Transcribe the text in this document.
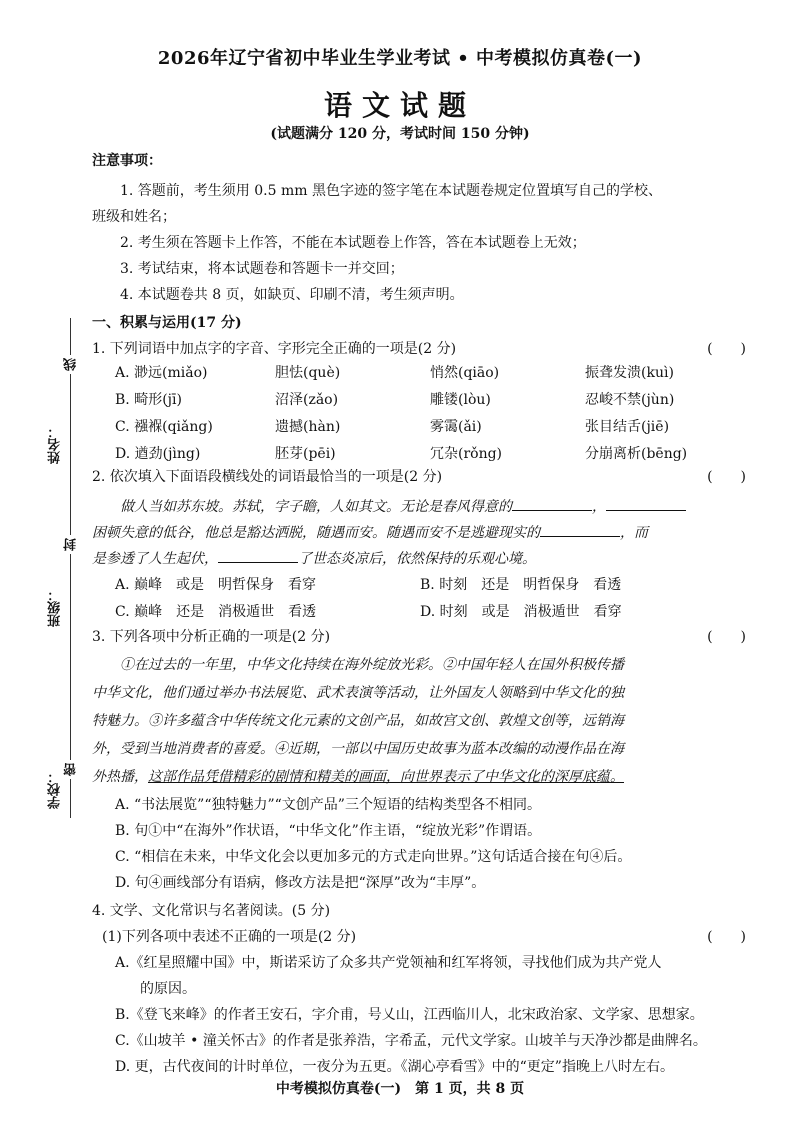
2026年辽宁省初中毕业生学业考试 • 中考模拟仿真卷(一)
语文试题
(试题满分 120 分，考试时间 150 分钟)
线
封
密
姓名：
班级：
学校：
注意事项：
1. 答题前，考生须用 0.5 mm 黑色字迹的签字笔在本试题卷规定位置填写自己的学校、
班级和姓名；
2. 考生须在答题卡上作答，不能在本试题卷上作答，答在本试题卷上无效；
3. 考试结束，将本试题卷和答题卡一并交回；
4. 本试题卷共 8 页，如缺页、印刷不清，考生须声明。
一、积累与运用(17 分)
1. 下列词语中加点字的字音、字形完全正确的一项是(2 分)	(　　)
A. 渺远(miǎo)	胆怯(què)	悄然(qiāo)	振聋发溃(kuì)
B. 畸形(jī)	沼泽(zǎo)	雕镂(lòu)	忍峻不禁(jùn)
C. 襁褓(qiǎng)	遗撼(hàn)	雾霭(ǎi)	张目结舌(jiē)
D. 遒劲(jìng)	胚芽(pēi)	冗杂(rǒng)	分崩离析(bēng)
2. 依次填入下面语段横线处的词语最恰当的一项是(2 分)	(　　)
做人当如苏东坡。苏轼，字子瞻，人如其文。无论是春风得意的	，
困顿失意的低谷，他总是豁达洒脱，随遇而安。随遇而安不是逃避现实的	，而
是参透了人生起伏，	了世态炎凉后，依然保持的乐观心境。
A. 巅峰　或是　明哲保身　看穿	B. 时刻　还是　明哲保身　看透
C. 巅峰　还是　消极遁世　看透	D. 时刻　或是　消极遁世　看穿
3. 下列各项中分析正确的一项是(2 分)	(　　)
①在过去的一年里，中华文化持续在海外绽放光彩。②中国年轻人在国外积极传播
中华文化，他们通过举办书法展览、武术表演等活动，让外国友人领略到中华文化的独
特魅力。③许多蕴含中华传统文化元素的文创产品，如故宫文创、敦煌文创等，远销海
外，受到当地消费者的喜爱。④近期，一部以中国历史故事为蓝本改编的动漫作品在海
外热播，这部作品凭借精彩的剧情和精美的画面，向世界表示了中华文化的深厚底蕴。
A. “书法展览”“独特魅力”“文创产品”三个短语的结构类型各不相同。
B. 句①中“在海外”作状语，“中华文化”作主语，“绽放光彩”作谓语。
C. “相信在未来，中华文化会以更加多元的方式走向世界。”这句话适合接在句④后。
D. 句④画线部分有语病，修改方法是把“深厚”改为“丰厚”。
4. 文学、文化常识与名著阅读。(5 分)
(1)下列各项中表述不正确的一项是(2 分)	(　　)
A.《红星照耀中国》中，斯诺采访了众多共产党领袖和红军将领，寻找他们成为共产党人
的原因。
B.《登飞来峰》的作者王安石，字介甫，号乂山，江西临川人，北宋政治家、文学家、思想家。
C.《山坡羊 • 潼关怀古》的作者是张养浩，字希孟，元代文学家。山坡羊与天净沙都是曲牌名。
D. 更，古代夜间的计时单位，一夜分为五更。《湖心亭看雪》中的“更定”指晚上八时左右。
中考模拟仿真卷(一)　第 1 页，共 8 页
